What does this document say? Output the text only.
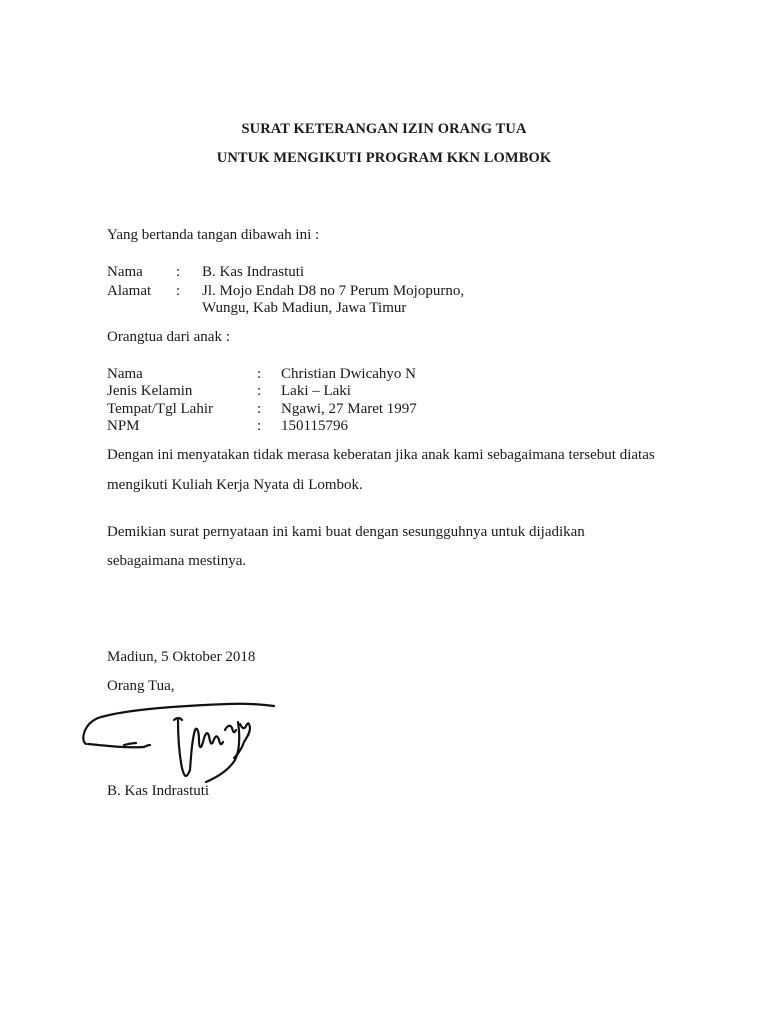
SURAT KETERANGAN IZIN ORANG TUA
UNTUK MENGIKUTI PROGRAM KKN LOMBOK
Yang bertanda tangan dibawah ini :
Nama : B. Kas Indrastuti
Alamat : Jl. Mojo Endah D8 no 7 Perum Mojopurno,
Wungu, Kab Madiun, Jawa Timur
Orangtua dari anak :
Nama	: Christian Dwicahyo N
Jenis Kelamin	: Laki – Laki
Tempat/Tgl Lahir	: Ngawi, 27 Maret 1997
NPM	: 150115796
Dengan ini menyatakan tidak merasa keberatan jika anak kami sebagaimana tersebut diatas
mengikuti Kuliah Kerja Nyata di Lombok.
Demikian surat pernyataan ini kami buat dengan sesungguhnya untuk dijadikan
sebagaimana mestinya.
Madiun, 5 Oktober 2018
Orang Tua,
B. Kas Indrastuti
